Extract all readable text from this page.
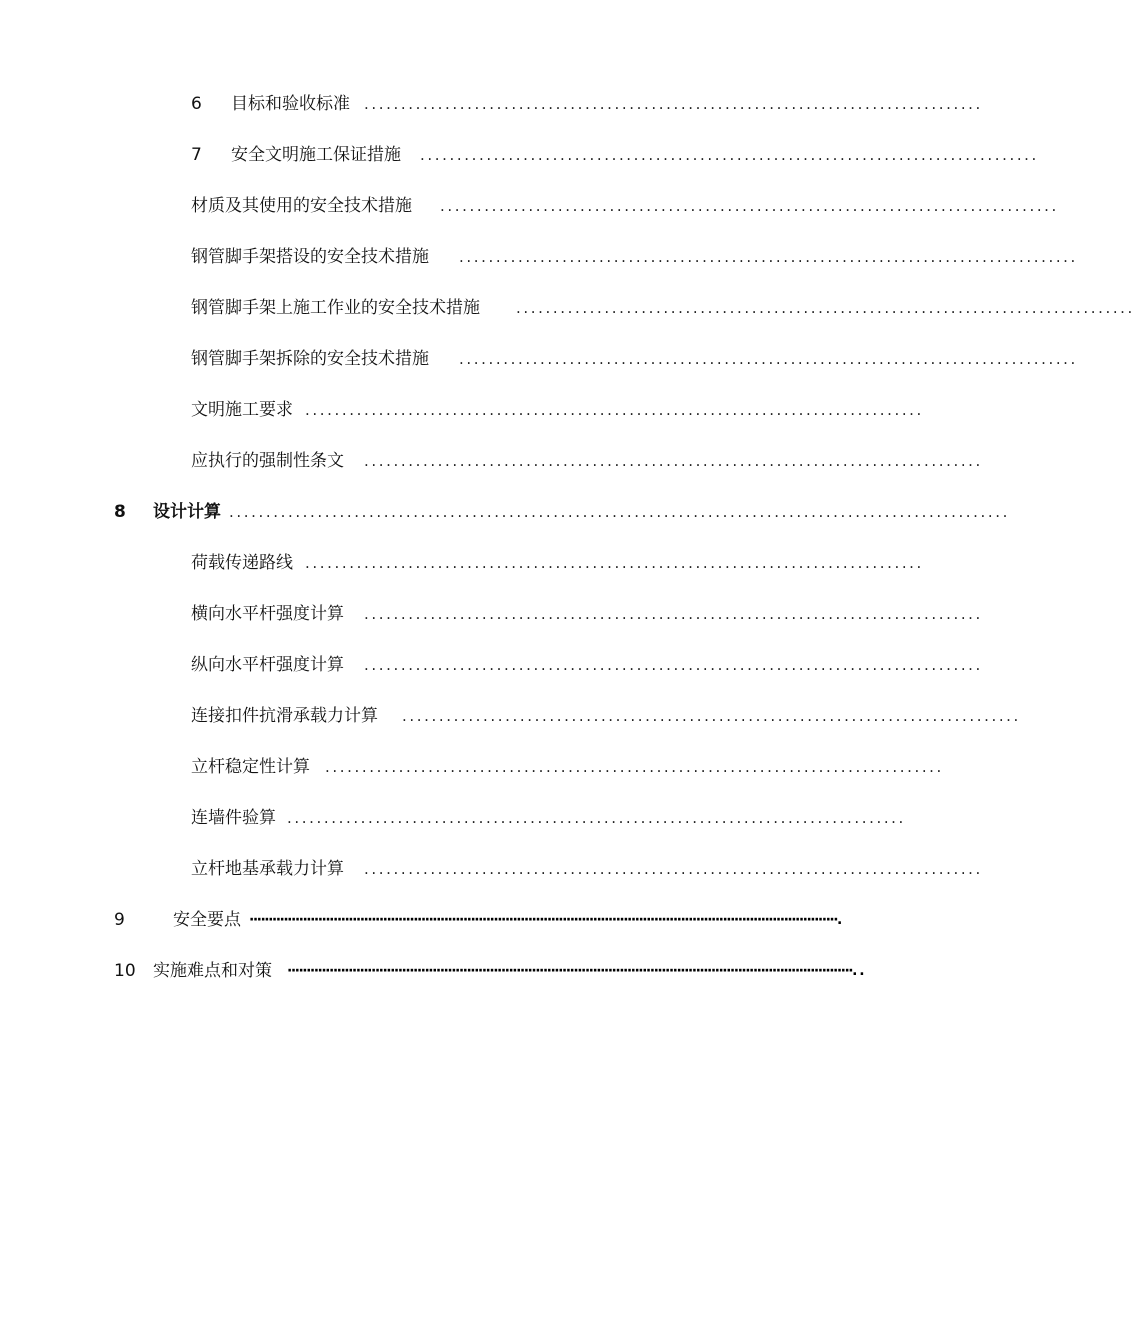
6 目标和验收标准 ....................................................................................
7 安全文明施工保证措施 ....................................................................................
材质及其使用的安全技术措施 ....................................................................................
钢管脚手架搭设的安全技术措施 ....................................................................................
钢管脚手架上施工作业的安全技术措施 ....................................................................................
钢管脚手架拆除的安全技术措施 ....................................................................................
文明施工要求 ....................................................................................
应执行的强制性条文 ....................................................................................
8 设计计算 ..........................................................................................................
荷载传递路线 ....................................................................................
横向水平杆强度计算 ....................................................................................
纵向水平杆强度计算 ....................................................................................
连接扣件抗滑承载力计算 ....................................................................................
立杆稳定性计算 ....................................................................................
连墙件验算 ....................................................................................
立杆地基承载力计算 ....................................................................................
9	安全要点 ··························································································································································.
10 实施难点和对策 ····················································································································································. .
